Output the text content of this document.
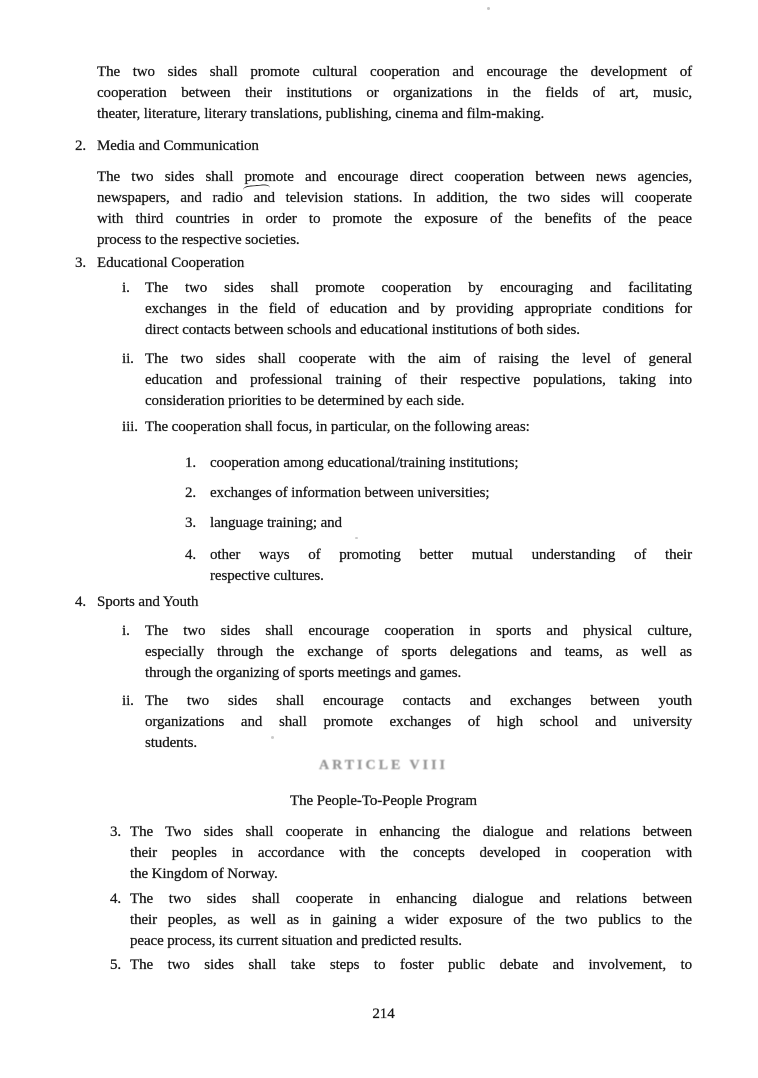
The two sides shall promote cultural cooperation and encourage the development of
cooperation between their institutions or organizations in the fields of art, music,
theater, literature, literary translations, publishing, cinema and film-making.
2. Media and Communication
The two sides shall promote and encourage direct cooperation between news agencies,
newspapers, and radio and television stations. In addition, the two sides will cooperate
with third countries in order to promote the exposure of the benefits of the peace
process to the respective societies.
3. Educational Cooperation
i.	The two sides shall promote cooperation by encouraging and facilitating
exchanges in the field of education and by providing appropriate conditions for
direct contacts between schools and educational institutions of both sides.
ii. The two sides shall cooperate with the aim of raising the level of general
education and professional training of their respective populations, taking into
consideration priorities to be determined by each side.
iii. The cooperation shall focus, in particular, on the following areas:
1. cooperation among educational/training institutions;
2. exchanges of information between universities;
3. language training; and
4. other ways of promoting better mutual understanding of their
respective cultures.
4. Sports and Youth
i.	The two sides shall encourage cooperation in sports and physical culture,
especially through the exchange of sports delegations and teams, as well as
through the organizing of sports meetings and games.
ii. The two sides shall encourage contacts and exchanges between youth
organizations and shall promote exchanges of high school and university
students.
ARTICLE VIII
The People-To-People Program
3. The Two sides shall cooperate in enhancing the dialogue and relations between
their peoples in accordance with the concepts developed in cooperation with
the Kingdom of Norway.
4. The two sides shall cooperate in enhancing dialogue and relations between
their peoples, as well as in gaining a wider exposure of the two publics to the
peace process, its current situation and predicted results.
5. The two sides shall take steps to foster public debate and involvement, to
214
